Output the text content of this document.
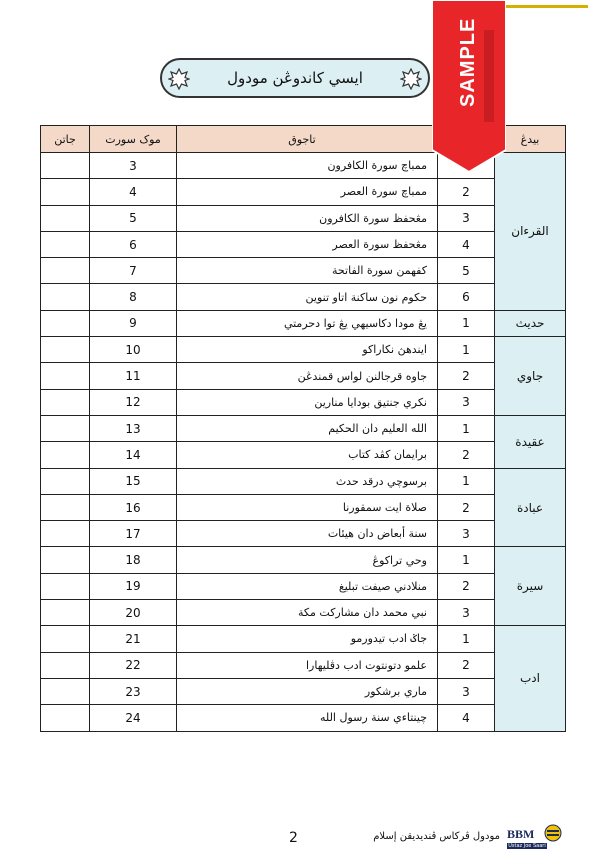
ايسي كاندوڠن مودول
جاتن	موک سورت	تاجوق		بيدڠ
	3	ممباچ سورة الكافرون		القرءان
	4	ممباچ سورة العصر	2	
	5	مڠحفظ سورة الكافرون	3	
	6	مڠحفظ سورة العصر	4	
	7	كفهمن سورة الفاتحة	5	
	8	حکوم نون ساکنة اتاو تنوين	6	
	9	يڠ مودا دكاسيهي يڠ توا دحرمتي	1	حديث
	10	ايندهڽ نكاراکو	1	جاوي
	11	جاوه قرجالنن لواس قمندڠن	2	
	12	نكري جنتيق بودايا منارين	3	
	13	الله العليم دان الحكيم	1	عقيدة
	14	برايمان کڤد کتاب	2	
	15	برسوچي درقد حدث	1	عبادة
	16	صلاة ايت سمقورنا	2	
	17	سنة أبعاض دان هيئات	3	
	18	وحي تراکوڠ	1	سيرة
	19	منلادني صيفت تبليغ	2	
	20	نبي محمد دان مشاركت مكة	3	
	21	جاݢ ادب تيدورمو	1	ادب
	22	علمو دتونتوت ادب دڤليهارا	2	
	23	ماري برشكور	3	
	24	چينتاءي سنة رسول الله	4	
SAMPLE
2	مودول ڤرکاس ڤنديديقن إسلام BBM
Ustaz Joe Saari
